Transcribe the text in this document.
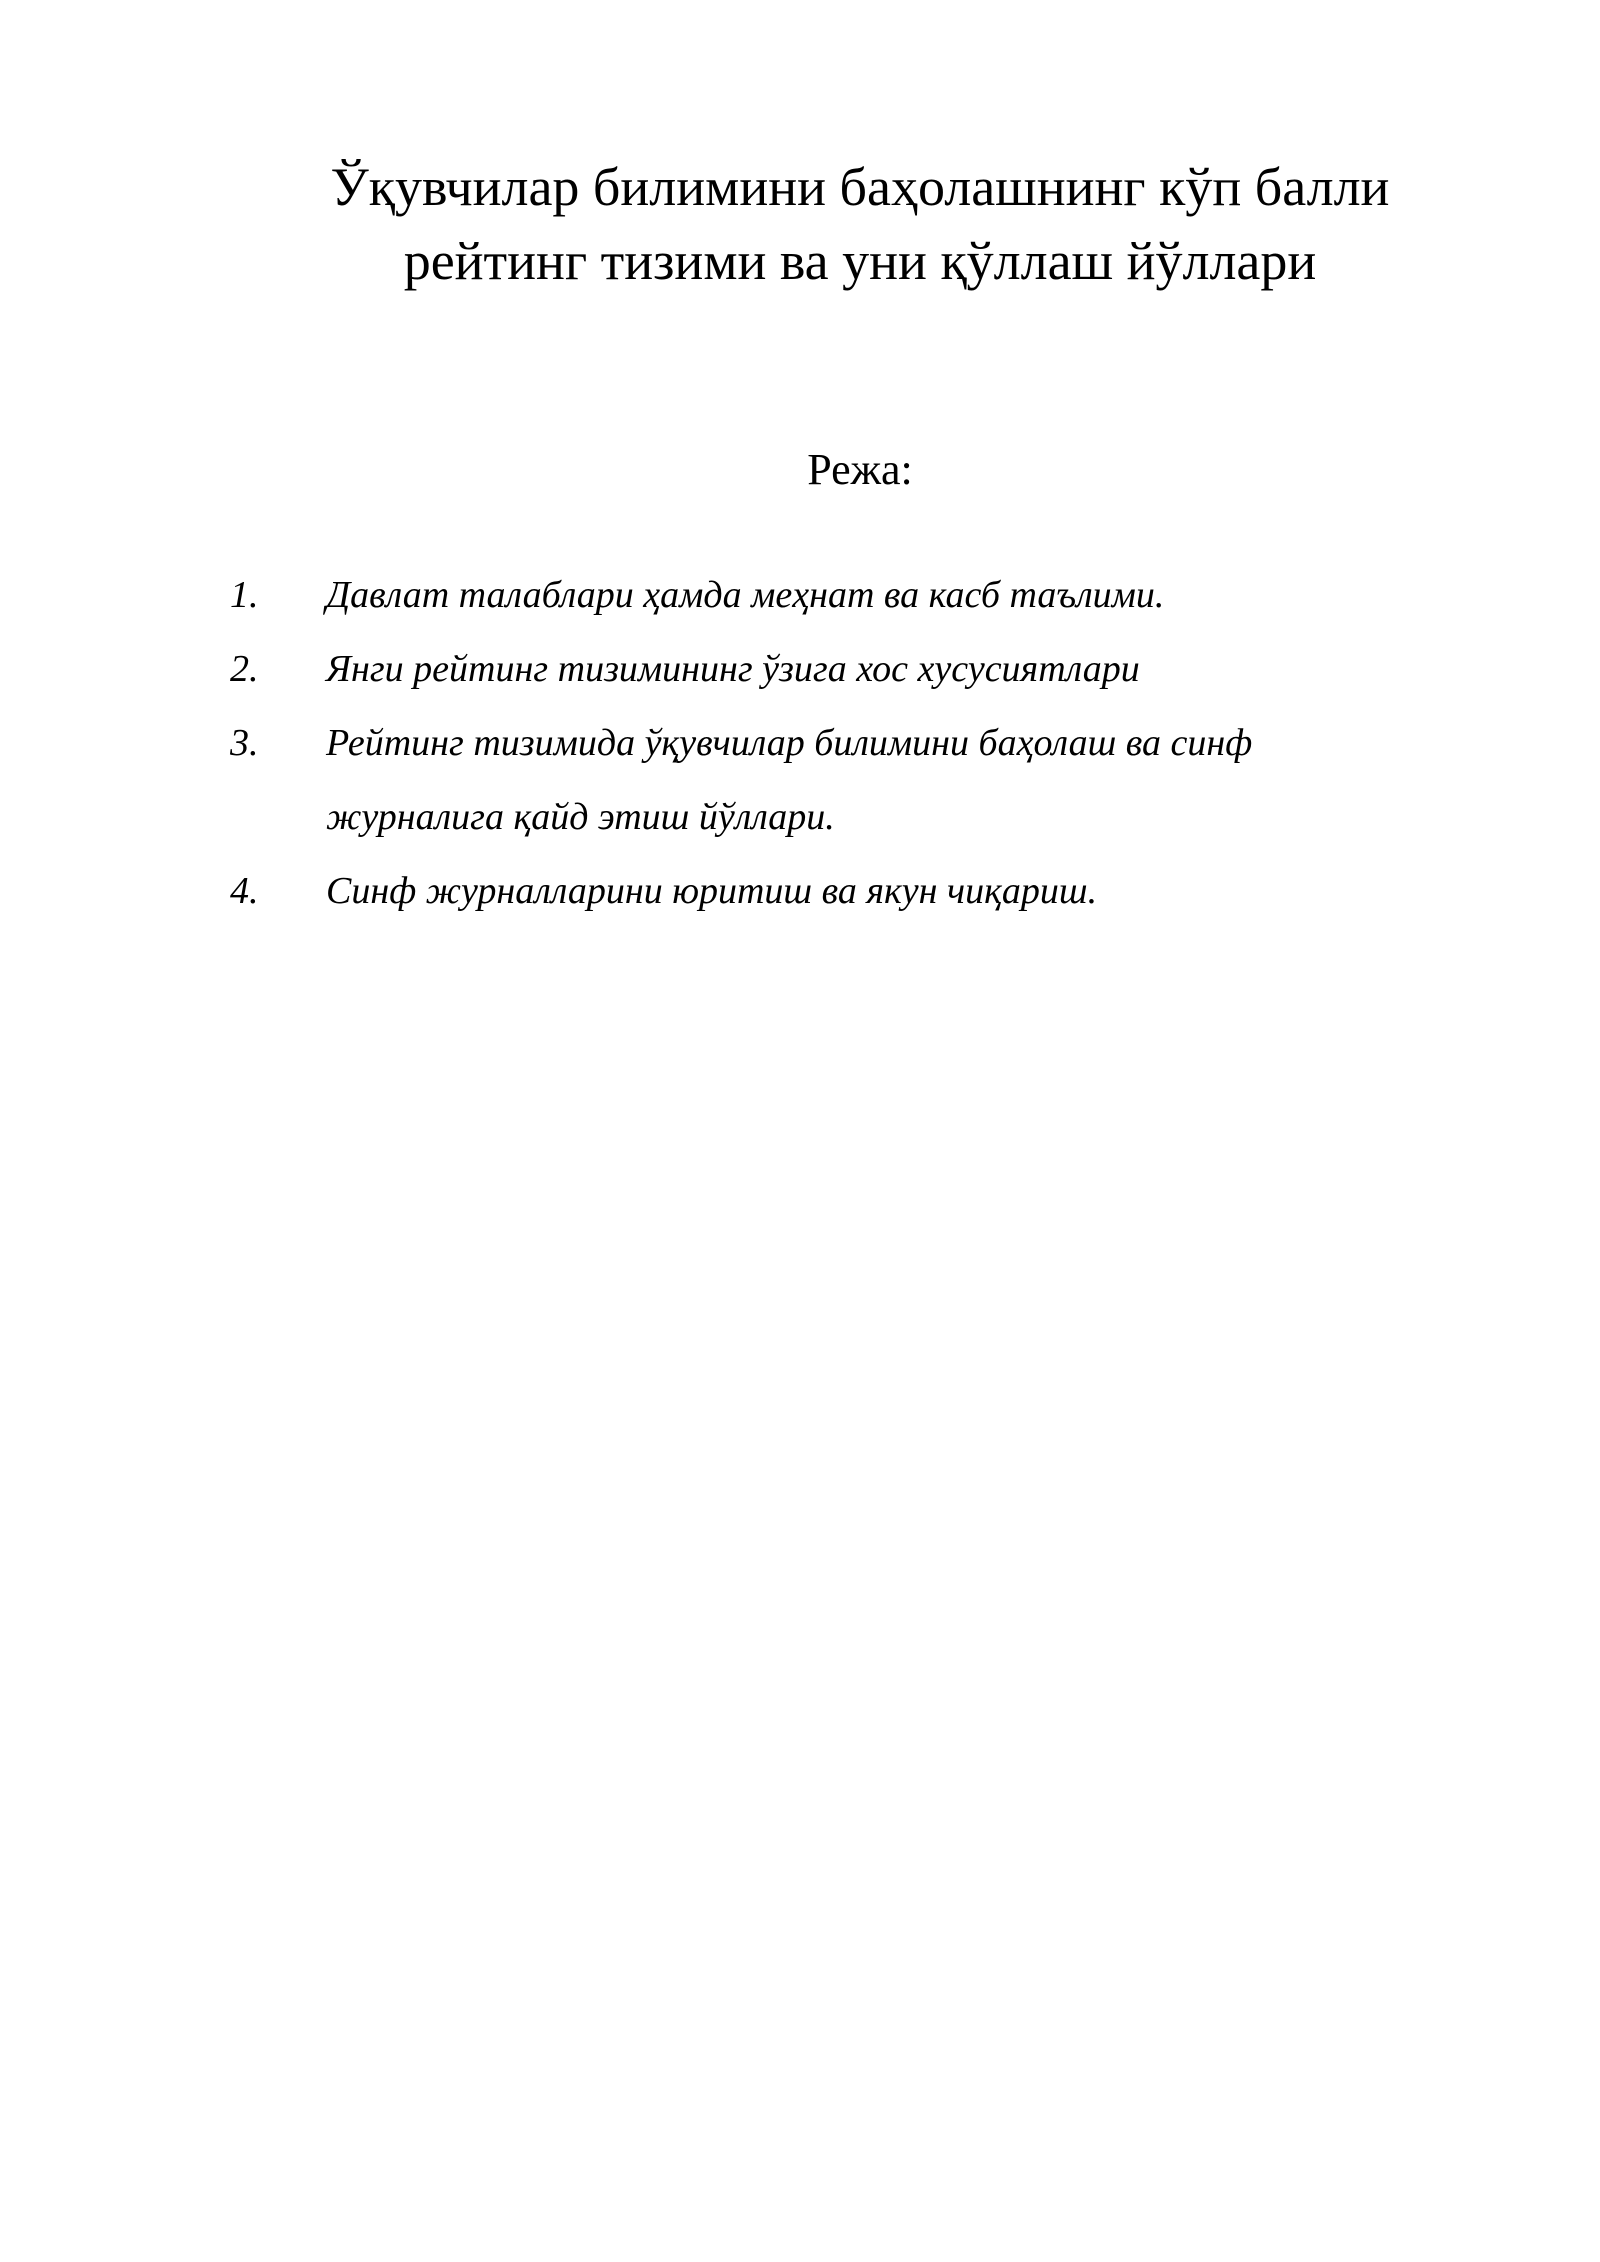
Ўқувчилар билимини баҳолашнинг кўп балли
рейтинг тизими ва уни қўллаш йўллари
Режа:
1. Давлат талаблари ҳамда меҳнат ва касб таълими.
2. Янги рейтинг тизимининг ўзига хос хусусиятлари
3. Рейтинг тизимида ўқувчилар билимини баҳолаш ва синф
журналига қайд этиш йўллари.
4. Синф журналларини юритиш ва якун чиқариш.
